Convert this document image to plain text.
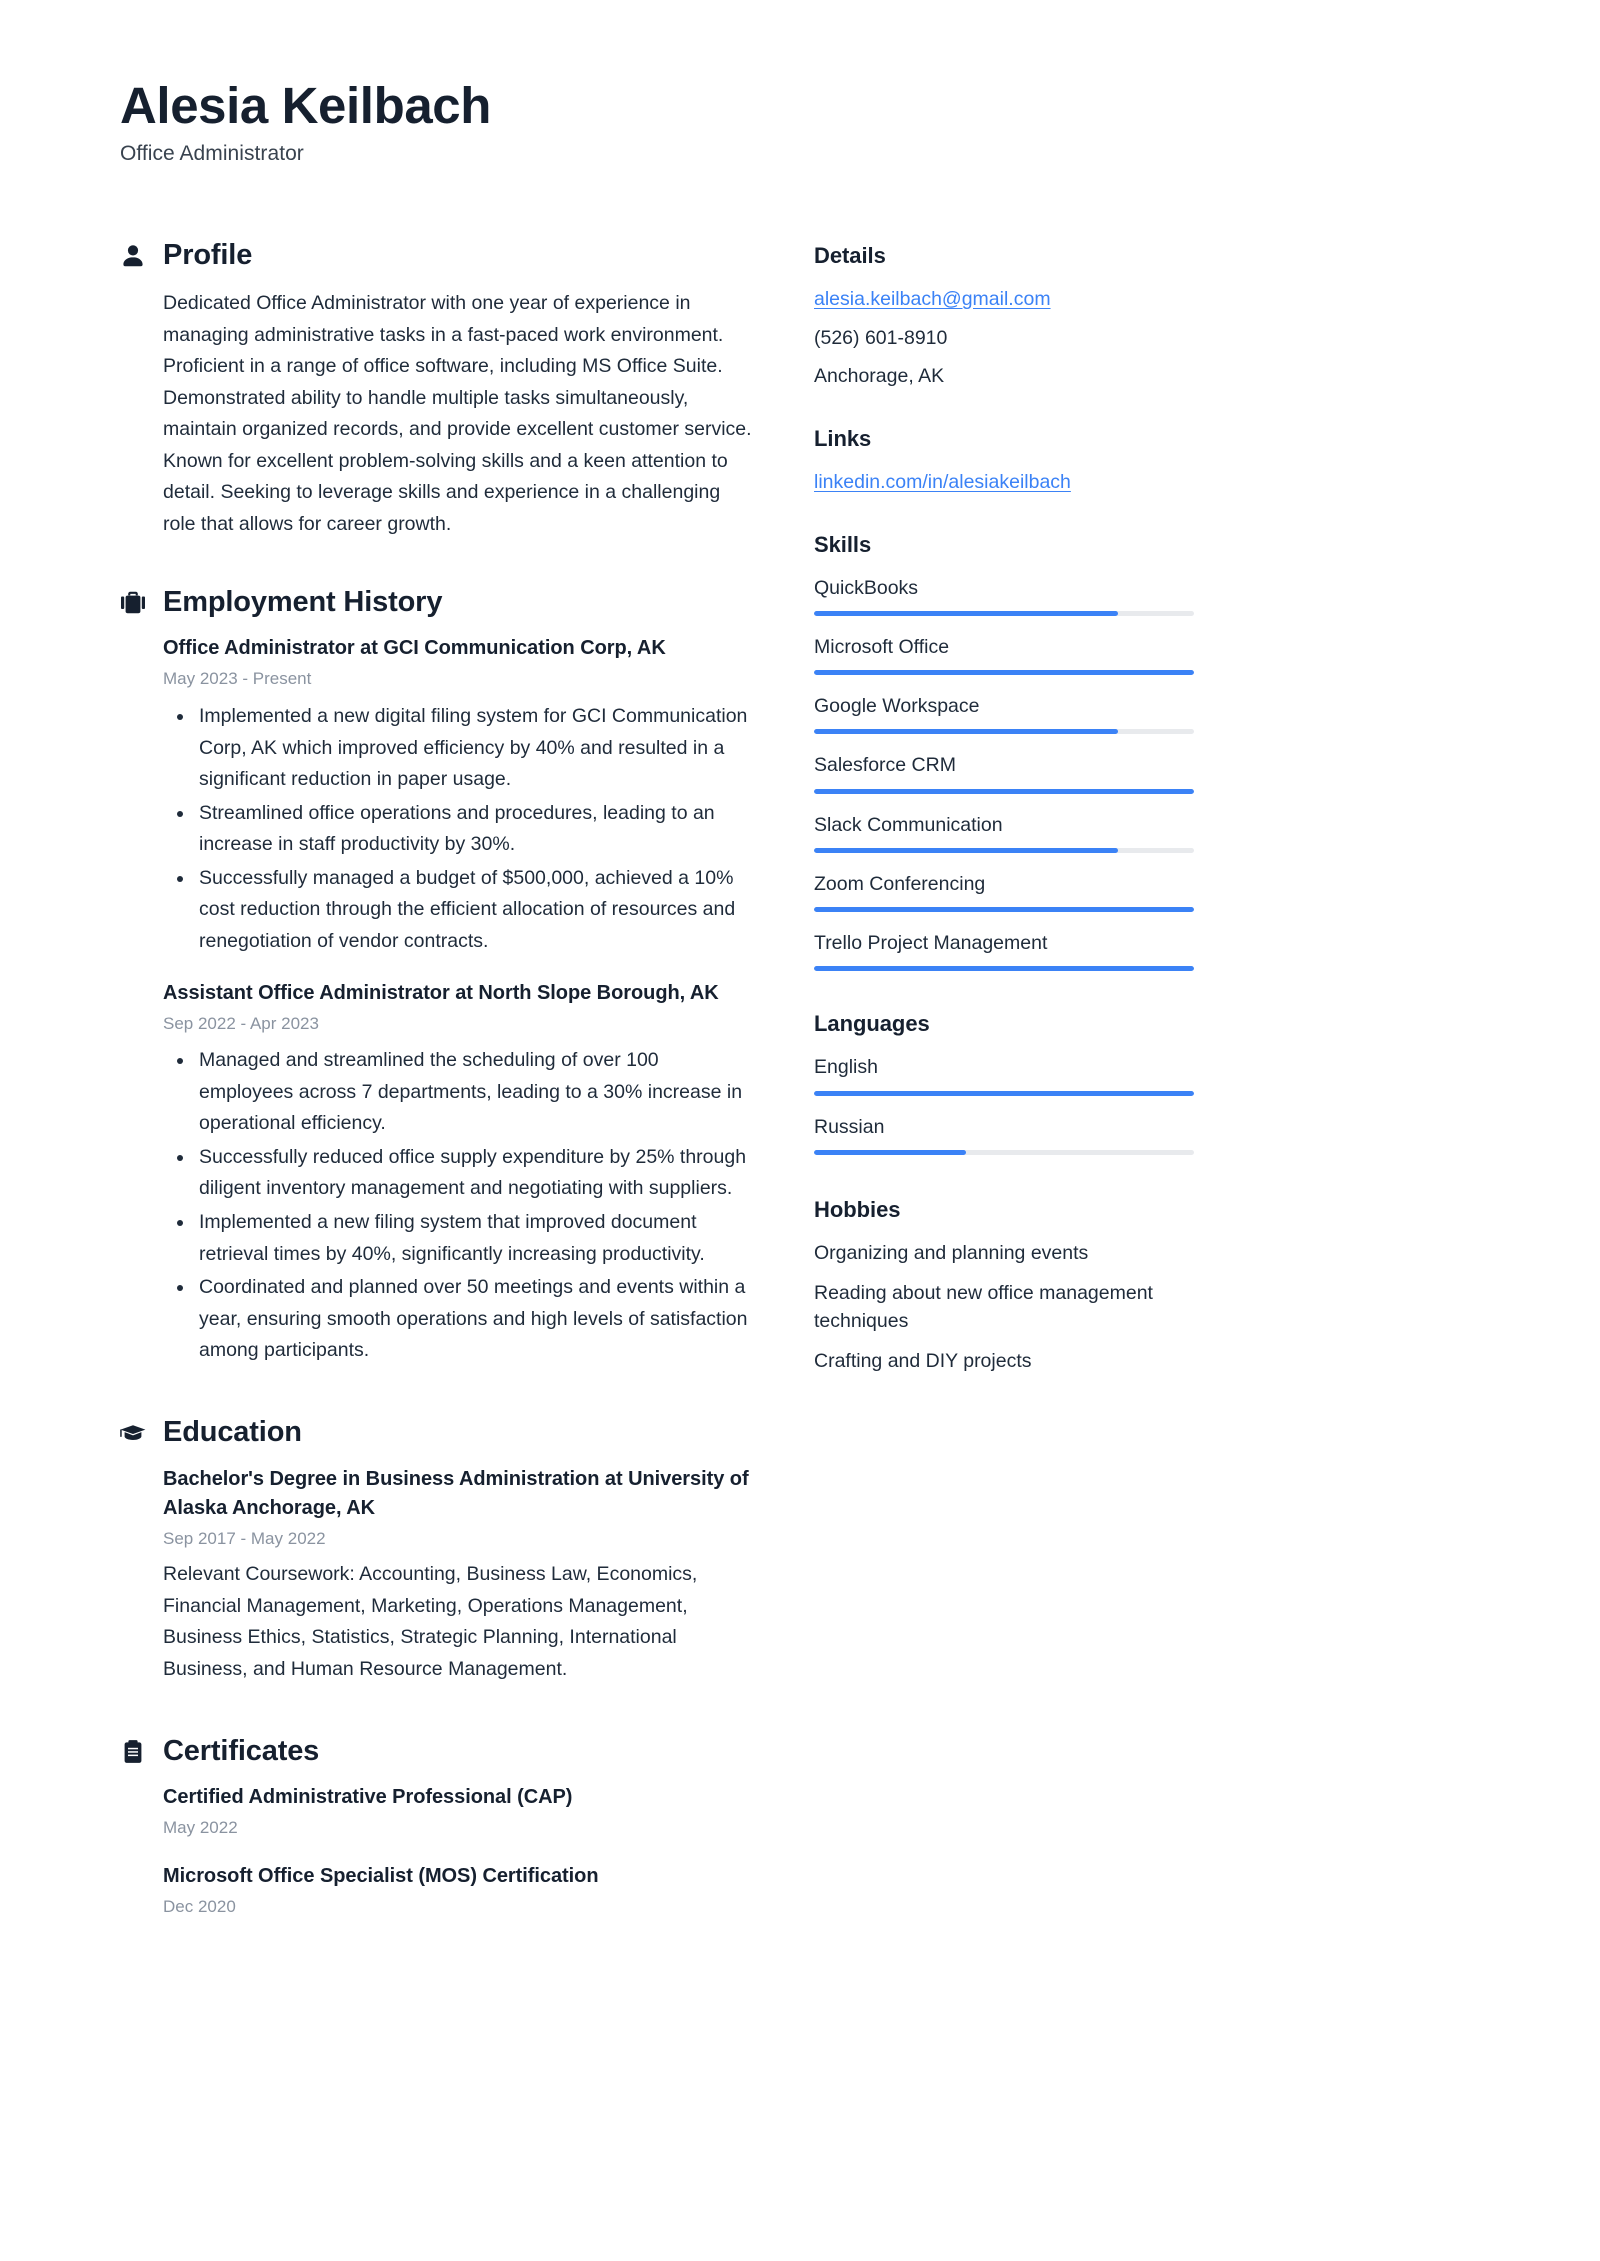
Alesia Keilbach
Office Administrator
Profile

Dedicated Office Administrator with one year of experience in managing administrative tasks in a fast-paced work environment. Proficient in a range of office software, including MS Office Suite. Demonstrated ability to handle multiple tasks simultaneously, maintain organized records, and provide excellent customer service. Known for excellent problem-solving skills and a keen attention to detail. Seeking to leverage skills and experience in a challenging role that allows for career growth.

Employment History
Office Administrator at GCI Communication Corp, AK
May 2023 - Present
Implemented a new digital filing system for GCI Communication Corp, AK which improved efficiency by 40% and resulted in a significant reduction in paper usage.
Streamlined office operations and procedures, leading to an increase in staff productivity by 30%.
Successfully managed a budget of $500,000, achieved a 10% cost reduction through the efficient allocation of resources and renegotiation of vendor contracts.
Assistant Office Administrator at North Slope Borough, AK
Sep 2022 - Apr 2023
Managed and streamlined the scheduling of over 100 employees across 7 departments, leading to a 30% increase in operational efficiency.
Successfully reduced office supply expenditure by 25% through diligent inventory management and negotiating with suppliers.
Implemented a new filing system that improved document retrieval times by 40%, significantly increasing productivity.
Coordinated and planned over 50 meetings and events within a year, ensuring smooth operations and high levels of satisfaction among participants.
Education
Bachelor's Degree in Business Administration at University of Alaska Anchorage, AK
Sep 2017 - May 2022
Relevant Coursework: Accounting, Business Law, Economics, Financial Management, Marketing, Operations Management, Business Ethics, Statistics, Strategic Planning, International Business, and Human Resource Management.
Certificates
Certified Administrative Professional (CAP)
May 2022
Microsoft Office Specialist (MOS) Certification
Dec 2020
Details
alesia.keilbach@gmail.com
(526) 601-8910
Anchorage, AK
Links
linkedin.com/in/alesiakeilbach
Skills
QuickBooks
Microsoft Office
Google Workspace
Salesforce CRM
Slack Communication
Zoom Conferencing
Trello Project Management
Languages
English
Russian
Hobbies
Organizing and planning events
Reading about new office management techniques
Crafting and DIY projects
